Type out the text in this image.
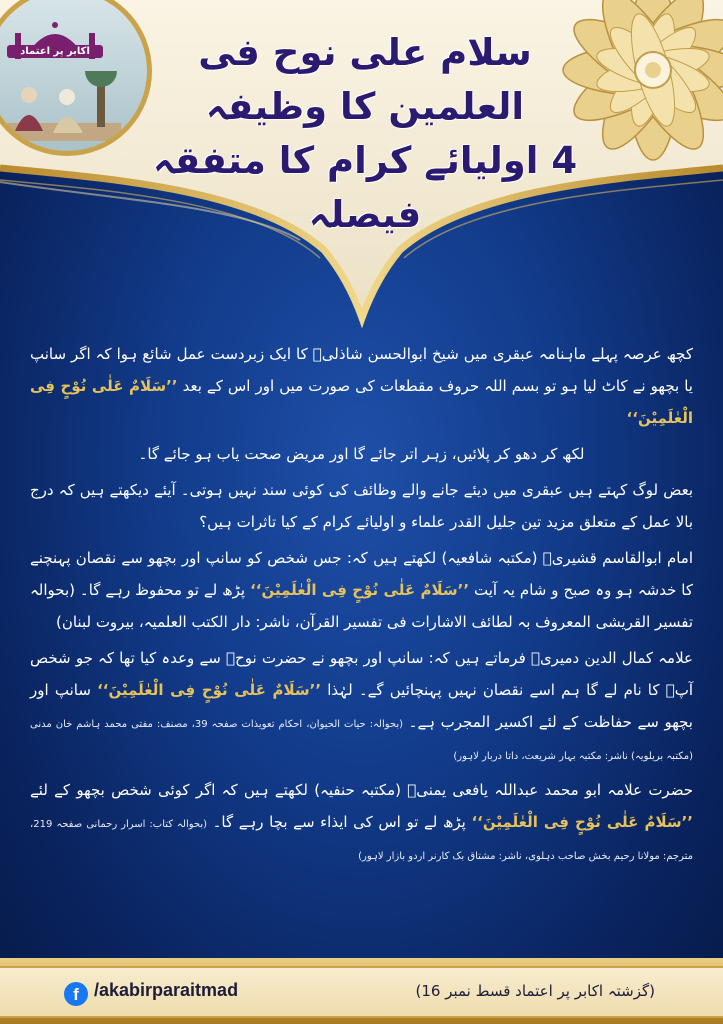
اکابر پر اعتماد	سلام علی نوح فی العلمین کا وظیفہ
4 اولیائے کرام کا متفقہ فیصلہ

کچھ عرصہ پہلے ماہنامہ عبقری میں شیخ ابوالحسن شاذلیؒ کا ایک زبردست عمل شائع ہوا کہ اگر سانپ یا بچھو نے کاٹ لیا ہو تو بسم اللہ حروف مقطعات کی صورت میں اور اس کے بعد ’’سَلَامٌ عَلٰی نُوْحٍ فِی الْعٰلَمِیْنَ‘‘

لکھ کر دھو کر پلائیں، زہر اتر جائے گا اور مریض صحت یاب ہو جائے گا۔

بعض لوگ کہتے ہیں عبقری میں دیئے جانے والے وظائف کی کوئی سند نہیں ہوتی۔ آیئے دیکھتے ہیں کہ درج بالا عمل کے متعلق مزید تین جلیل القدر علماء و اولیائے کرام کے کیا تاثرات ہیں؟

امام ابوالقاسم قشیریؒ (مکتبہ شافعیہ) لکھتے ہیں کہ: جس شخص کو سانپ اور بچھو سے نقصان پہنچنے کا خدشہ ہو وہ صبح و شام یہ آیت ’’سَلَامٌ عَلٰی نُوْحٍ فِی الْعٰلَمِیْنَ‘‘ پڑھ لے تو محفوظ رہے گا۔ (بحوالہ تفسیر القریشی المعروف بہ لطائف الاشارات فی تفسیر القرآن، ناشر: دار الکتب العلمیہ، بیروت لبنان)

علامہ کمال الدین دمیریؒ فرماتے ہیں کہ: سانپ اور بچھو نے حضرت نوحؑ سے وعدہ کیا تھا کہ جو شخص آپؑ کا نام لے گا ہم اسے نقصان نہیں پہنچائیں گے۔ لہٰذا ’’سَلَامٌ عَلٰی نُوْحٍ فِی الْعٰلَمِیْنَ‘‘ سانپ اور بچھو سے حفاظت کے لئے اکسیر المجرب ہے۔ (بحوالہ: حیات الحیوان، احکام تعویذات صفحہ 39، مصنف: مفتی محمد ہاشم خان مدنی (مکتبہ بریلویہ) ناشر: مکتبہ بہار شریعت، داتا دربار لاہور)

حضرت علامہ ابو محمد عبداللہ یافعی یمنیؒ (مکتبہ حنفیہ) لکھتے ہیں کہ اگر کوئی شخص بچھو کے لئے ’’سَلَامٌ عَلٰی نُوْحٍ فِی الْعٰلَمِیْنَ‘‘ پڑھ لے تو اس کی ایذاء سے بچا رہے گا۔ (بحوالہ کتاب: اسرار رحمانی صفحہ 219، مترجم: مولانا رحیم بخش صاحب دہلوی، ناشر: مشتاق بک کارنر اردو بازار لاہور)

f /akabirparaitmad	(گزشتہ اکابر پر اعتماد قسط نمبر 16)
